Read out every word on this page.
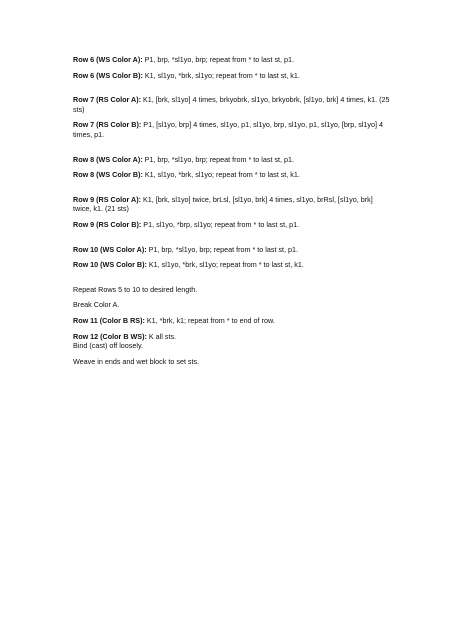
Row 6 (WS Color A): P1, brp, *sl1yo, brp; repeat from * to last st, p1.

Row 6 (WS Color B): K1, sl1yo, *brk, sl1yo; repeat from * to last st, k1.

Row 7 (RS Color A): K1, [brk, sl1yo] 4 times, brkyobrk, sl1yo, brkyobrk, [sl1yo, brk] 4 times, k1. (25 sts)

Row 7 (RS Color B): P1, [sl1yo, brp] 4 times, sl1yo, p1, sl1yo, brp, sl1yo, p1, sl1yo, [brp, sl1yo] 4 times, p1.

Row 8 (WS Color A): P1, brp, *sl1yo, brp; repeat from * to last st, p1.

Row 8 (WS Color B): K1, sl1yo, *brk, sl1yo; repeat from * to last st, k1.

Row 9 (RS Color A): K1, [brk, sl1yo] twice, brLsl, [sl1yo, brk] 4 times, sl1yo, brRsl, [sl1yo, brk] twice, k1. (21 sts)

Row 9 (RS Color B): P1, sl1yo, *brp, sl1yo; repeat from * to last st, p1.

Row 10 (WS Color A): P1, brp, *sl1yo, brp; repeat from * to last st, p1.

Row 10 (WS Color B): K1, sl1yo, *brk, sl1yo; repeat from * to last st, k1.

Repeat Rows 5 to 10 to desired length.

Break Color A.

Row 11 (Color B RS): K1, *brk, k1; repeat from * to end of row.

Row 12 (Color B WS): K all sts.

Bind (cast) off loosely.

Weave in ends and wet block to set sts.
